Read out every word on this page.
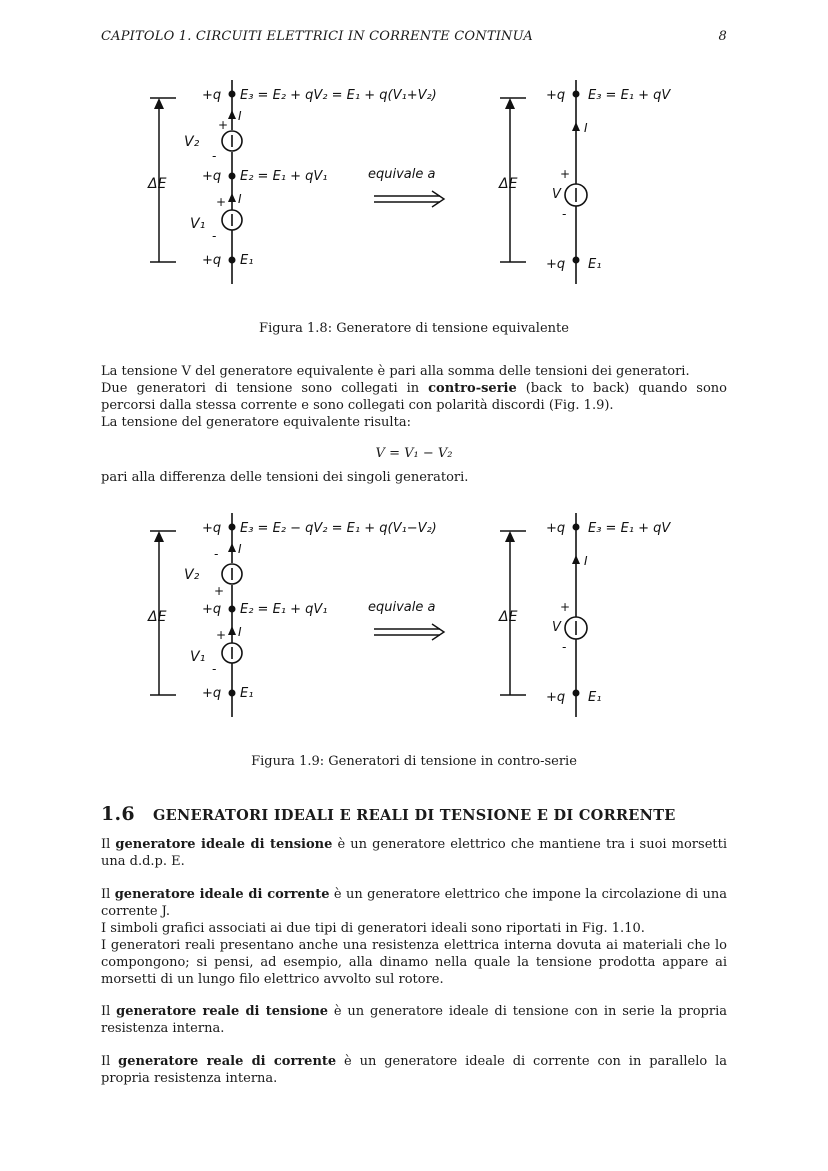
CAPITOLO 1. CIRCUITI ELETTRICI IN CORRENTE CONTINUA	8
ΔE
+q E₃ = E₂ + qV₂ = E₁ + q(V₁+V₂)
I
+
-
V₂
+q E₂ = E₁ + qV₁
I
+
-
V₁
+q E₁
equivale a
ΔE
+q E₃ = E₁ + qV
I
+
V
-
+q E₁
Figura 1.8: Generatore di tensione equivalente

La tensione V del generatore equivalente è pari alla somma delle tensioni dei generatori.

Due generatori di tensione sono collegati in contro-serie (back to back) quando sono percorsi dalla stessa corrente e sono collegati con polarità discordi (Fig. 1.9).

La tensione del generatore equivalente risulta:

V = V₁ − V₂
pari alla differenza delle tensioni dei singoli generatori.
ΔE
+q E₃ = E₂ − qV₂ = E₁ + q(V₁−V₂)
I
-
+
V₂
+q E₂ = E₁ + qV₁
I
+
-
V₁
+q E₁
equivale a
ΔE
+q E₃ = E₁ + qV
I
+
V
-
+q E₁
Figura 1.9: Generatori di tensione in contro-serie
1.6 GENERATORI IDEALI E REALI DI TENSIONE E DI CORRENTE
Il generatore ideale di tensione è un generatore elettrico che mantiene tra i suoi morsetti una d.d.p. E.
Il generatore ideale di corrente è un generatore elettrico che impone la circolazione di una corrente J.

I simboli grafici associati ai due tipi di generatori ideali sono riportati in Fig. 1.10.

I generatori reali presentano anche una resistenza elettrica interna dovuta ai materiali che lo compongono; si pensi, ad esempio, alla dinamo nella quale la tensione prodotta appare ai morsetti di un lungo filo elettrico avvolto sul rotore.

Il generatore reale di tensione è un generatore ideale di tensione con in serie la propria resistenza interna.
Il generatore reale di corrente è un generatore ideale di corrente con in parallelo la propria resistenza interna.
